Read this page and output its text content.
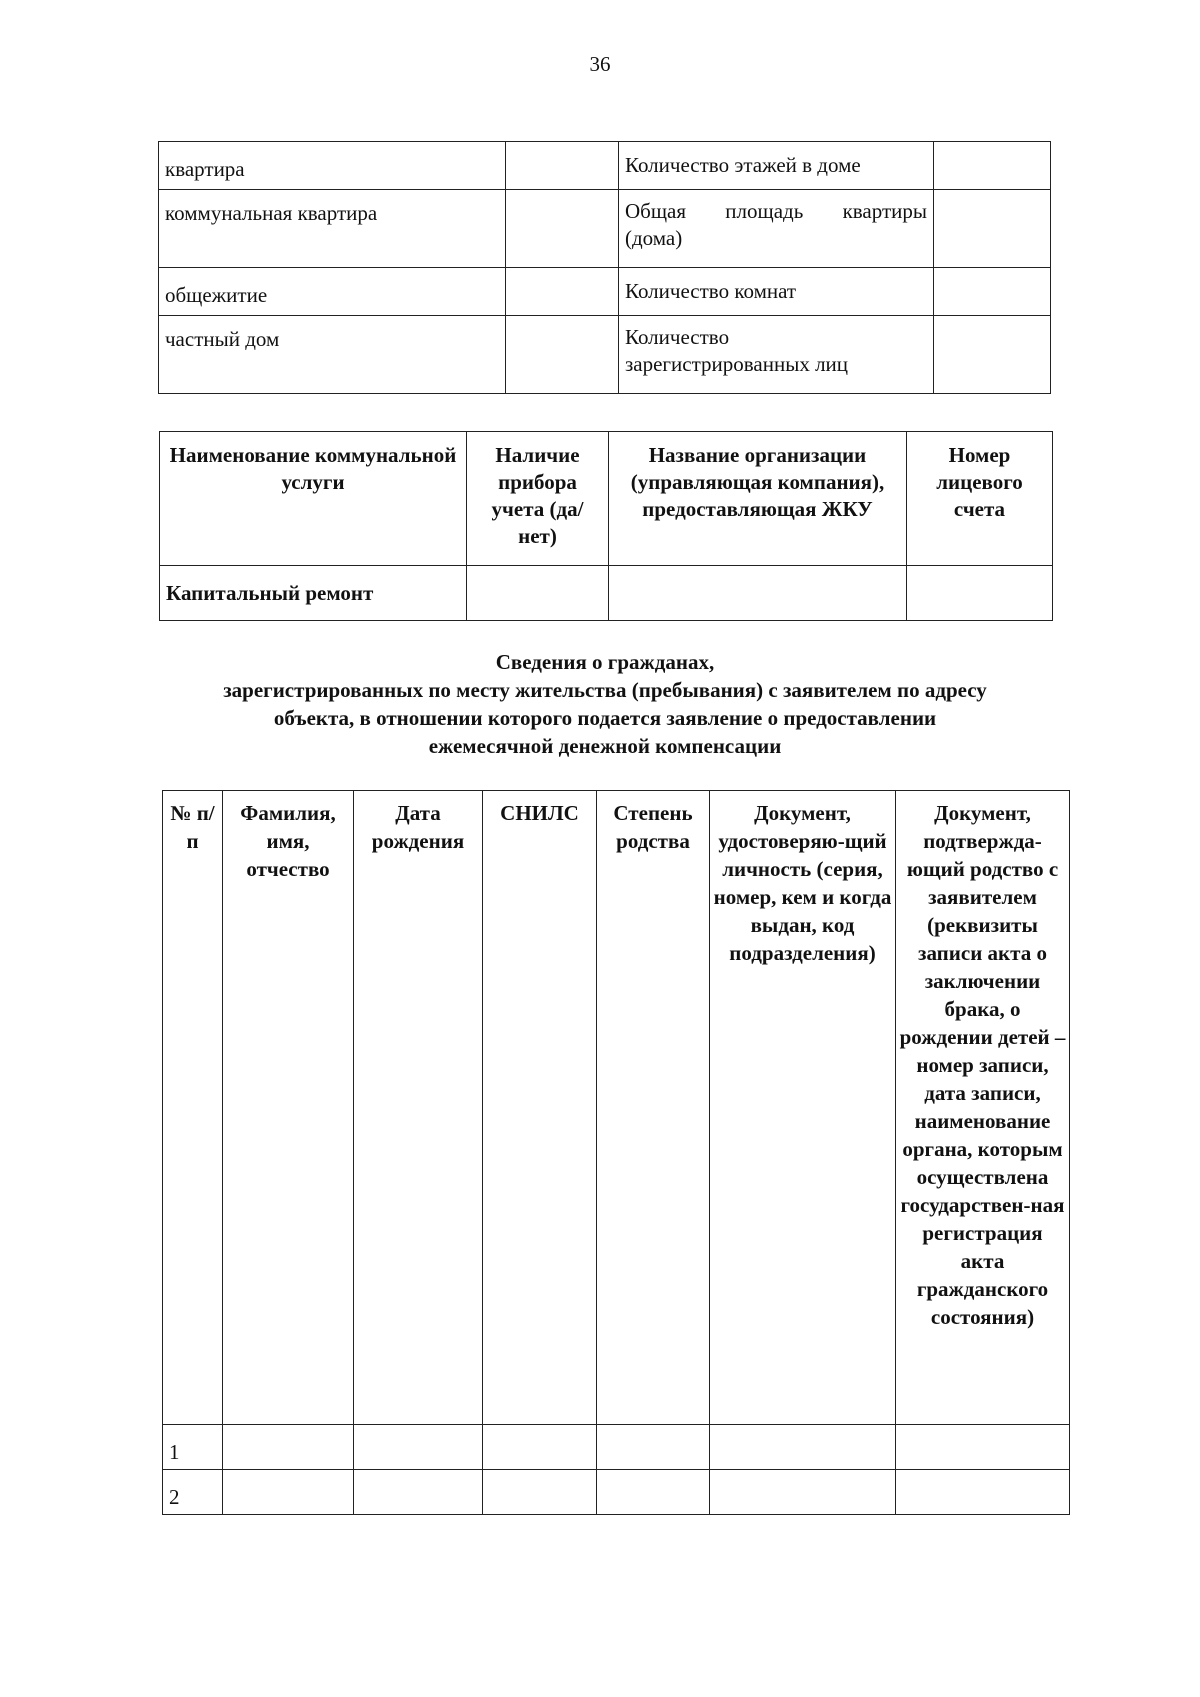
36
квартира		Количество этажей в доме	
коммунальная квартира		Общая площадь квартиры
(дома)	

общежитие		Количество комнат	
частный дом		Количество
зарегистрированных лиц	

Наименование коммунальной услуги	Наличие прибора учета (да/нет)	Название организации (управляющая компания), предоставляющая ЖКУ	Номер лицевого счета
Капитальный ремонт			
Сведения о гражданах,
зарегистрированных по месту жительства (пребывания) с заявителем по адресу
объекта, в отношении которого подается заявление о предоставлении
ежемесячной денежной компенсации
№ п/п	Фамилия, имя, отчество	Дата рождения	СНИЛС	Степень родства	Документ, удостоверяю-щий личность (серия, номер, кем и когда выдан, код подразделения)	Документ, подтвержда-ющий родство с заявителем (реквизиты записи акта о заключении брака, о рождении детей – номер записи, дата записи, наименование органа, которым осуществлена государствен-ная регистрация акта гражданского состояния)
1						
2						
